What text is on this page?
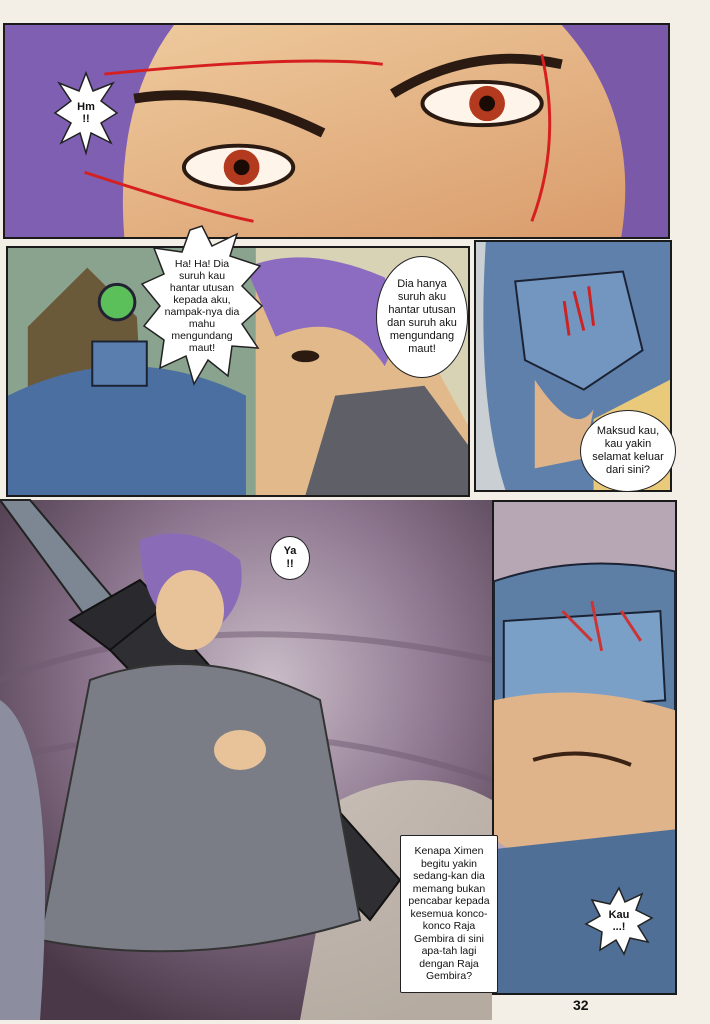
Hm
!!
Ha! Ha! Dia suruh kau hantar utusan kepada aku, nampak-nya dia mahu mengundang maut!
Dia hanya suruh aku hantar utusan dan suruh aku mengundang maut!
Maksud kau, kau yakin selamat keluar dari sini?
Ya
!!
Kenapa Ximen begitu yakin sedang-kan dia memang bukan pencabar kepada kesemua konco-konco Raja Gembira di sini apa-tah lagi dengan Raja Gembira?
Kau
...!
32
